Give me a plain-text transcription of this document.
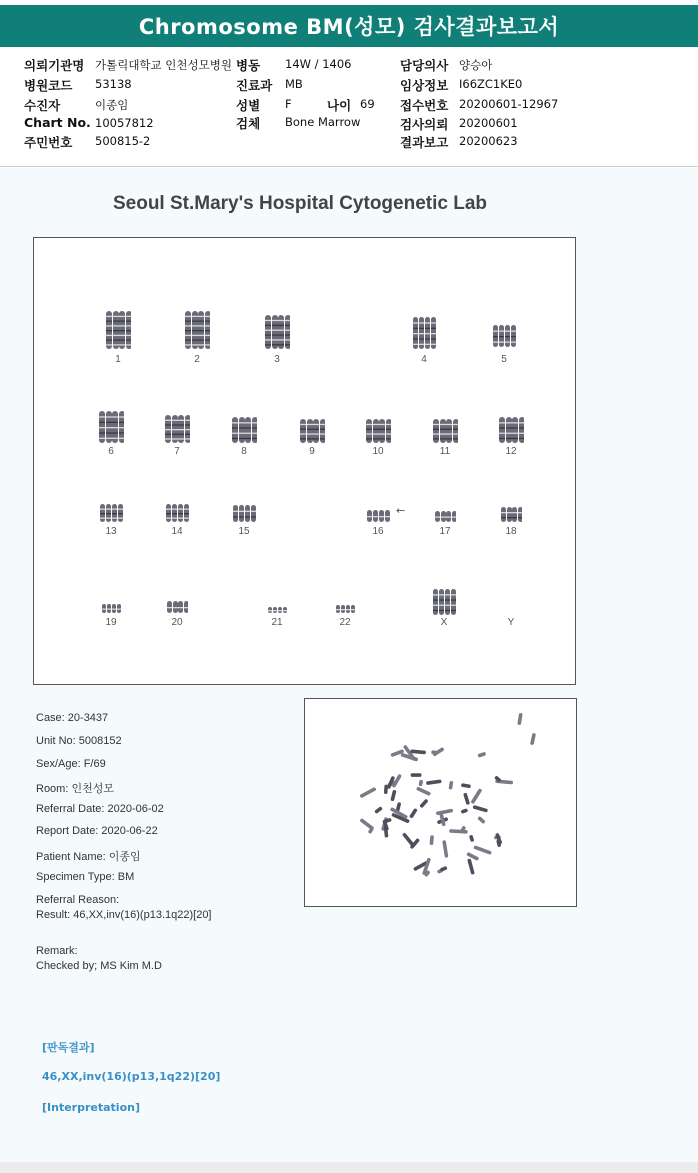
Chromosome BM(성모) 검사결과보고서
의뢰기관명 가톨릭대학교 인천성모병원 병동 14W / 1406	담당의사 양승아
병원코드 53138	진료과 MB	임상정보 I66ZC1KE0
수진자	이종임	성별 F	나이 69 접수번호 20200601-12967
Chart No. 10057812	검체 Bone Marrow	검사의뢰 20200601
주민번호 500815-2	결과보고 20200623
Seoul St.Mary's Hospital Cytogenetic Lab
←
1	2	3	4	5
6	7	8	9	10	11	12
13	14	15	16	17	18
19	20	21	22	X	Y
Case: 20-3437
Unit No: 5008152
Sex/Age: F/69
Room: 인천성모
Referral Date: 2020-06-02
Report Date: 2020-06-22
Patient Name: 이종임
Specimen Type: BM
Referral Reason:
Result: 46,XX,inv(16)(p13.1q22)[20]
Remark:
Checked by; MS Kim M.D
[판독결과]
46,XX,inv(16)(p13,1q22)[20]
[Interpretation]
